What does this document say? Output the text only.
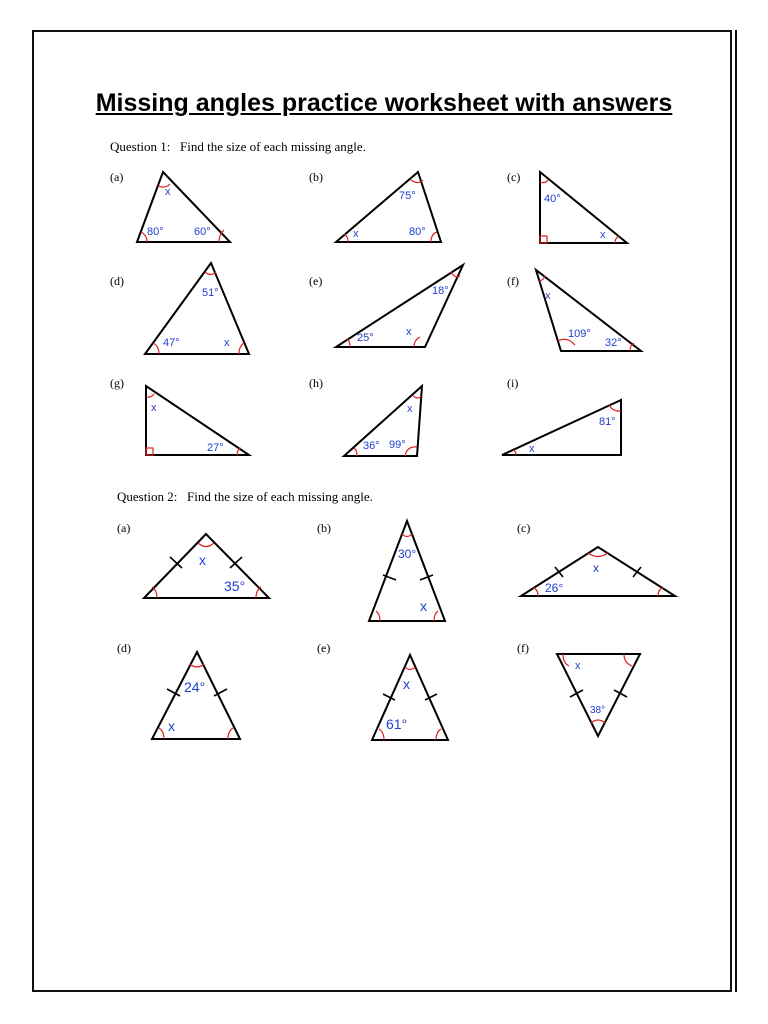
Missing angles practice worksheet with answers
Question 1: Find the size of each missing angle.
Question 2: Find the size of each missing angle.
(a)	(b)	(c)
(d)	(e)	(f)
(g)	(h)	(i)
(a)	(b)	(c)
(d)	(e)	(f)
x
80°	60°
75°
x	80°
40°
x
51°
47°	x
18°
x
25°
x
109°
32°
x
27°
x
36° 99°
81°
x
x
35°
30°
x
x
26°
24°
x
x
61°
x
38°
